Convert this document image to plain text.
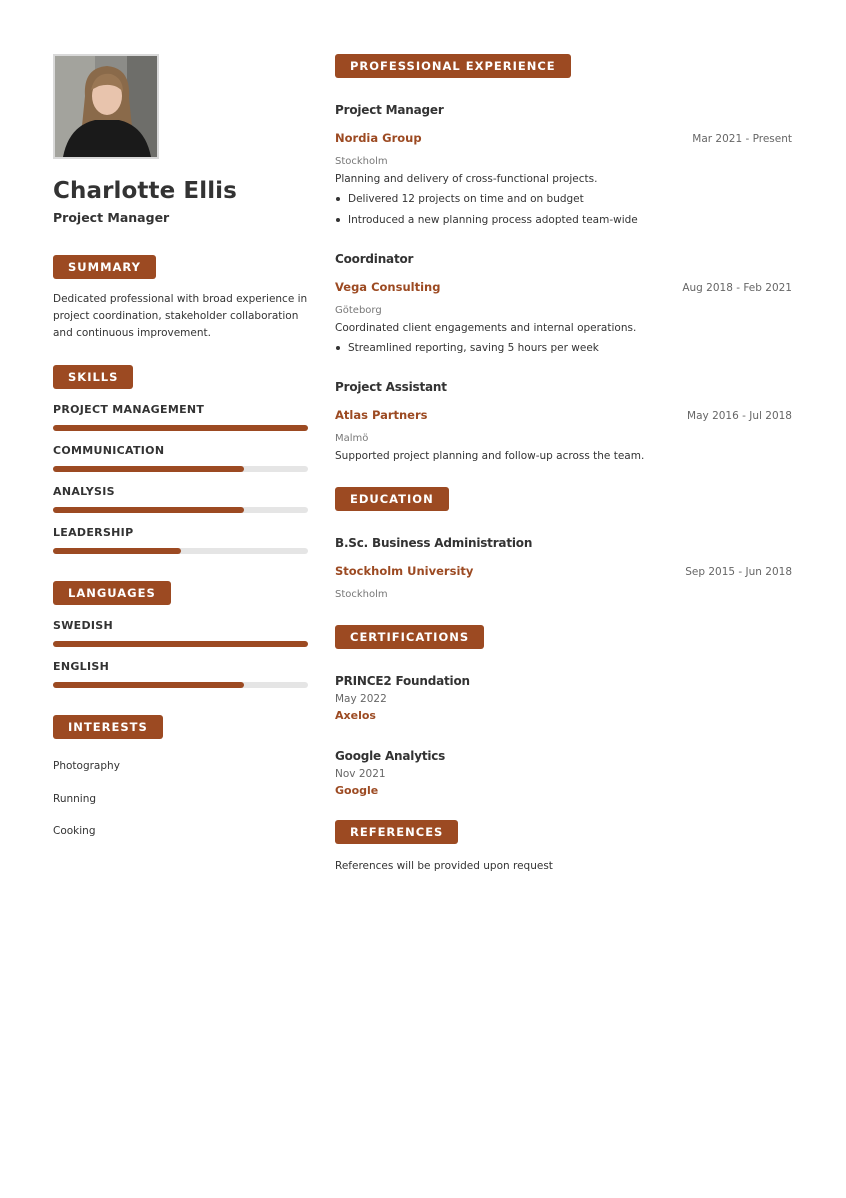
Charlotte Ellis
Project Manager
SUMMARY
Dedicated professional with broad experience in project coordination, stakeholder collaboration and continuous improvement.
SKILLS
PROJECT MANAGEMENT
COMMUNICATION
ANALYSIS
LEADERSHIP
LANGUAGES
SWEDISH
ENGLISH
INTERESTS
Photography
Running
Cooking
PROFESSIONAL EXPERIENCE
Project Manager
Nordia Group	Mar 2021 - Present
Stockholm
Planning and delivery of cross-functional projects.
Delivered 12 projects on time and on budget
Introduced a new planning process adopted team-wide
Coordinator
Vega Consulting	Aug 2018 - Feb 2021
Göteborg
Coordinated client engagements and internal operations.
Streamlined reporting, saving 5 hours per week
Project Assistant
Atlas Partners	May 2016 - Jul 2018
Malmö
Supported project planning and follow-up across the team.
EDUCATION
B.Sc. Business Administration
Stockholm University	Sep 2015 - Jun 2018
Stockholm
CERTIFICATIONS
PRINCE2 Foundation
May 2022
Axelos
Google Analytics
Nov 2021
Google
REFERENCES
References will be provided upon request
